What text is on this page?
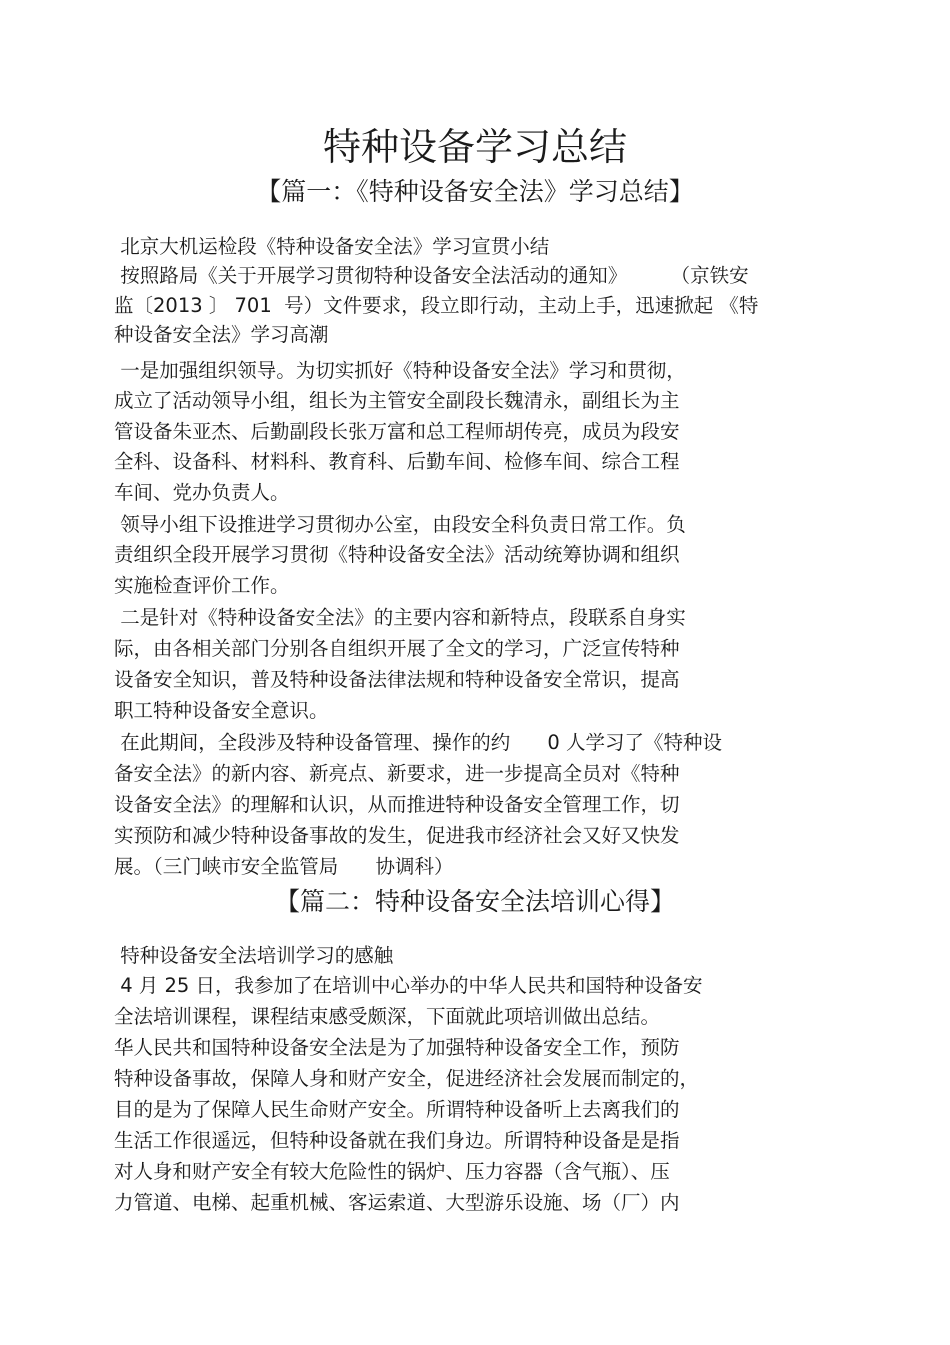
特种设备学习总结
【篇一：《特种设备安全法》学习总结】

北京大机运检段《特种设备安全法》学习宣贯小结

按照路局《关于开展学习贯彻特种设备安全法活动的通知》       （京铁安

监〔2013 〕 701  号）文件要求，段立即行动，主动上手，迅速掀起 《特

种设备安全法》学习高潮

一是加强组织领导。为切实抓好《特种设备安全法》学习和贯彻，

成立了活动领导小组，组长为主管安全副段长魏清永，副组长为主

管设备朱亚杰、后勤副段长张万富和总工程师胡传亮，成员为段安

全科、设备科、材料科、教育科、后勤车间、检修车间、综合工程

车间、党办负责人。

领导小组下设推进学习贯彻办公室，由段安全科负责日常工作。负

责组织全段开展学习贯彻《特种设备安全法》活动统筹协调和组织

实施检查评价工作。

二是针对《特种设备安全法》的主要内容和新特点，段联系自身实

际，由各相关部门分别各自组织开展了全文的学习，广泛宣传特种

设备安全知识，普及特种设备法律法规和特种设备安全常识，提高

职工特种设备安全意识。

在此期间，全段涉及特种设备管理、操作的约      0 人学习了《特种设

备安全法》的新内容、新亮点、新要求，进一步提高全员对《特种

设备安全法》的理解和认识，从而推进特种设备安全管理工作，切

实预防和减少特种设备事故的发生，促进我市经济社会又好又快发

展。（三门峡市安全监管局      协调科）

【篇二：特种设备安全法培训心得】

特种设备安全法培训学习的感触

4 月 25 日，我参加了在培训中心举办的中华人民共和国特种设备安

全法培训课程，课程结束感受颇深，下面就此项培训做出总结。

华人民共和国特种设备安全法是为了加强特种设备安全工作，预防

特种设备事故，保障人身和财产安全，促进经济社会发展而制定的，

目的是为了保障人民生命财产安全。所谓特种设备听上去离我们的

生活工作很遥远，但特种设备就在我们身边。所谓特种设备是是指

对人身和财产安全有较大危险性的锅炉、压力容器（含气瓶）、压

力管道、电梯、起重机械、客运索道、大型游乐设施、场（厂）内
